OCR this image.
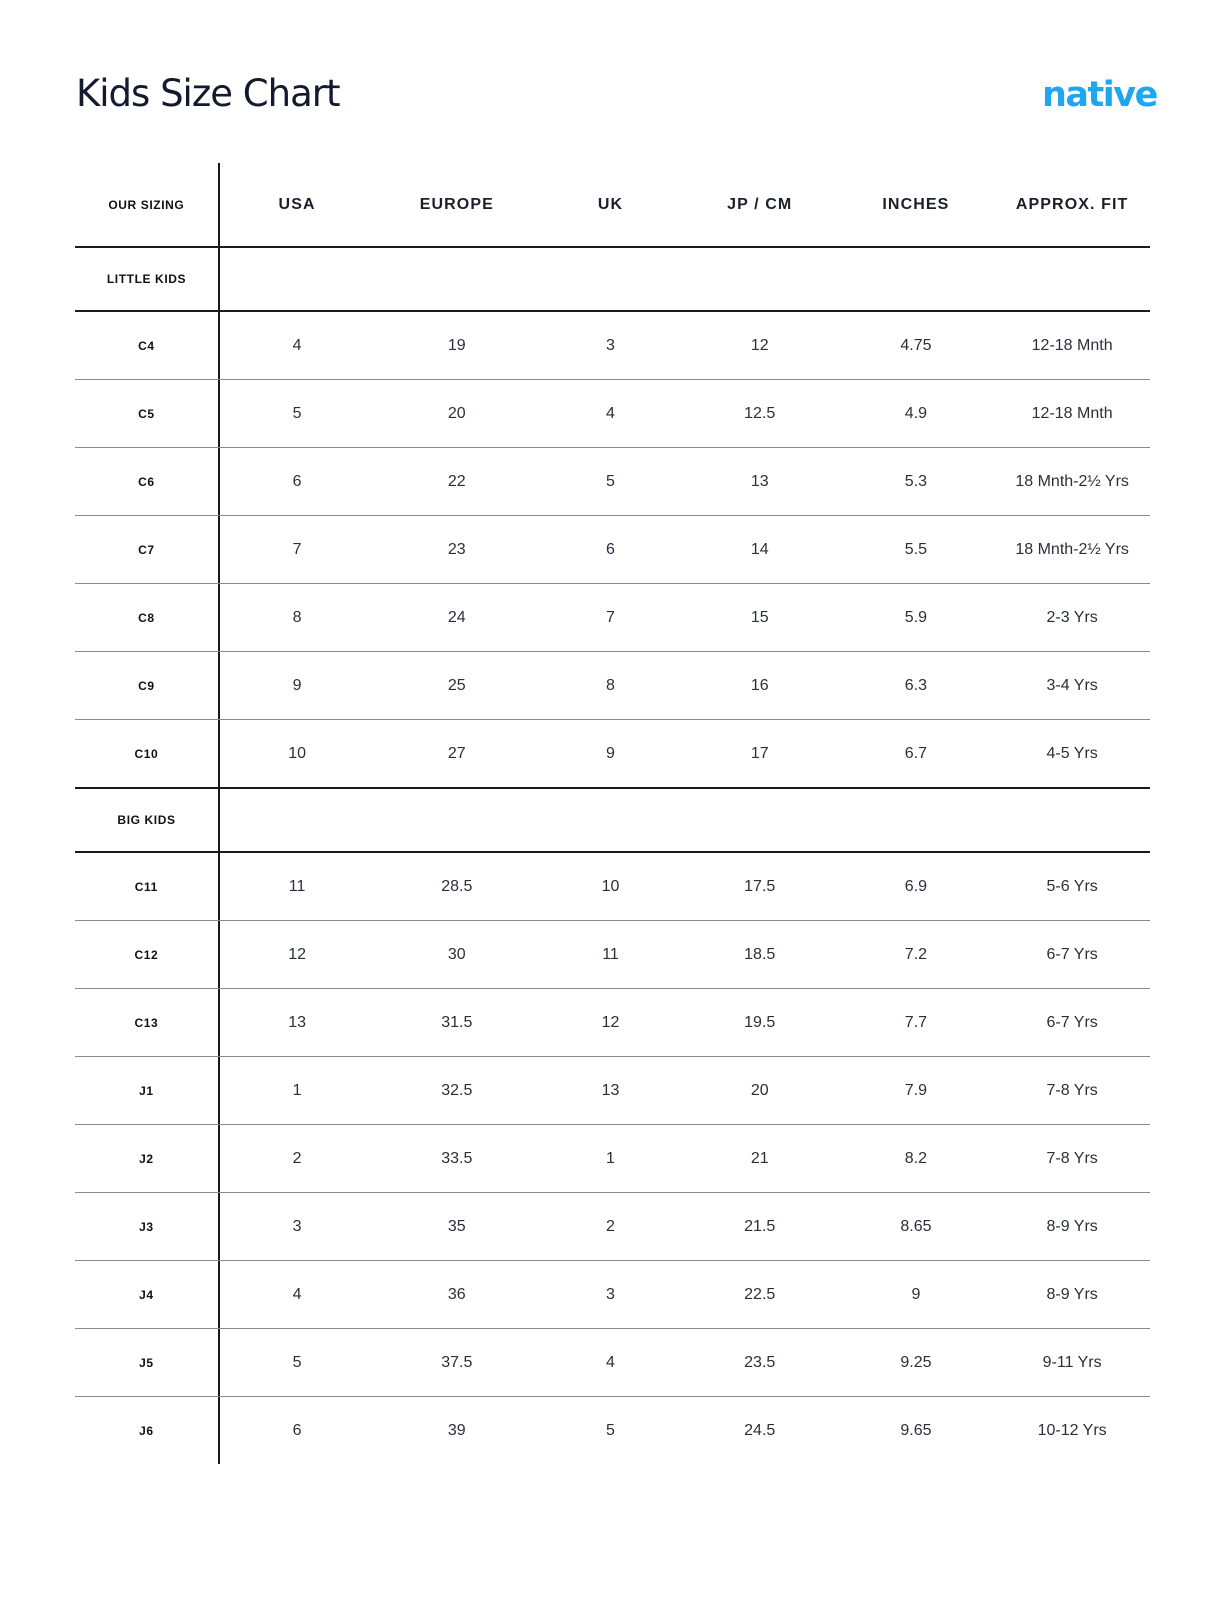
Kids Size Chart	native
OUR SIZING	USA	EUROPE	UK	JP / CM	INCHES	APPROX. FIT
LITTLE KIDS
C4	4	19	3	12	4.75	12-18 Mnth
C5	5	20	4	12.5	4.9	12-18 Mnth
C6	6	22	5	13	5.3	18 Mnth-2½ Yrs
C7	7	23	6	14	5.5	18 Mnth-2½ Yrs
C8	8	24	7	15	5.9	2-3 Yrs
C9	9	25	8	16	6.3	3-4 Yrs
C10	10	27	9	17	6.7	4-5 Yrs
BIG KIDS
C11	11	28.5	10	17.5	6.9	5-6 Yrs
C12	12	30	11	18.5	7.2	6-7 Yrs
C13	13	31.5	12	19.5	7.7	6-7 Yrs
J1	1	32.5	13	20	7.9	7-8 Yrs
J2	2	33.5	1	21	8.2	7-8 Yrs
J3	3	35	2	21.5	8.65	8-9 Yrs
J4	4	36	3	22.5	9	8-9 Yrs
J5	5	37.5	4	23.5	9.25	9-11 Yrs
J6	6	39	5	24.5	9.65	10-12 Yrs
